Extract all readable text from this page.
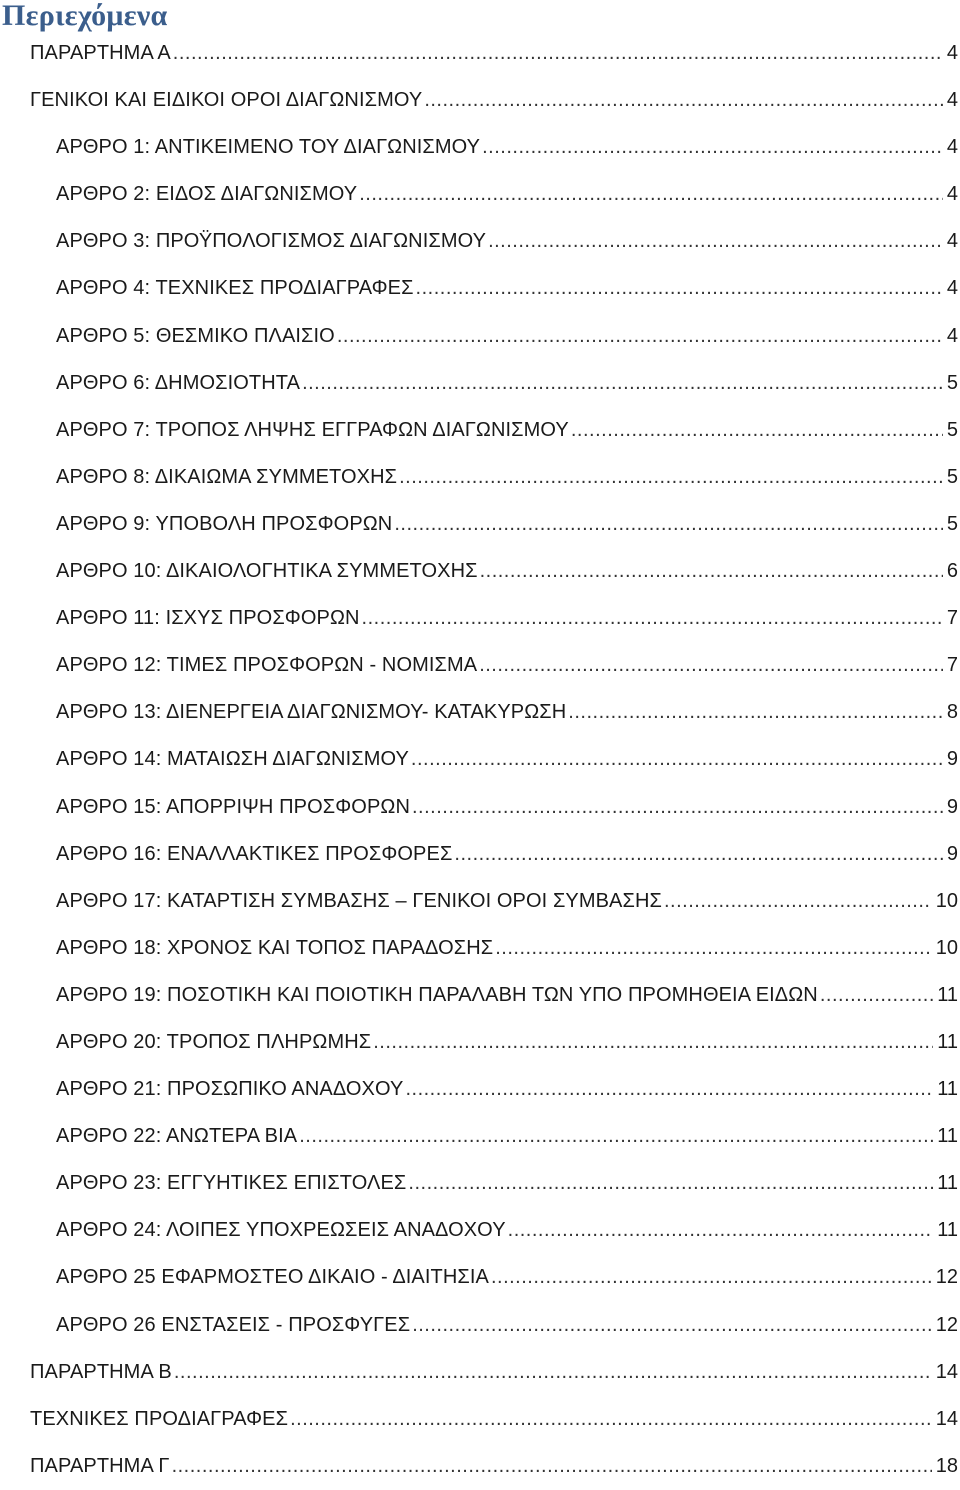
Περιεχόμενα
ΠΑΡΑΡΤΗΜΑ Α .....	4
ΓΕΝΙΚΟΙ ΚΑΙ ΕΙΔΙΚΟΙ ΟΡΟΙ ΔΙΑΓΩΝΙΣΜΟΥ .....	4
ΑΡΘΡΟ 1: ΑΝΤΙΚΕΙΜΕΝΟ ΤΟΥ ΔΙΑΓΩΝΙΣΜΟΥ .....	4
ΑΡΘΡΟ 2: ΕΙΔΟΣ ΔΙΑΓΩΝΙΣΜΟΥ .....	4
ΑΡΘΡΟ 3: ΠΡΟΫΠΟΛΟΓΙΣΜΟΣ ΔΙΑΓΩΝΙΣΜΟΥ .....	4
ΑΡΘΡΟ 4: ΤΕΧΝΙΚΕΣ ΠΡΟΔΙΑΓΡΑΦΕΣ .....	4
ΑΡΘΡΟ 5: ΘΕΣΜΙΚΟ ΠΛΑΙΣΙΟ .....	4
ΑΡΘΡΟ 6: ΔΗΜΟΣΙΟΤΗΤΑ .....	5
ΑΡΘΡΟ 7: ΤΡΟΠΟΣ ΛΗΨΗΣ ΕΓΓΡΑΦΩΝ ΔΙΑΓΩΝΙΣΜΟΥ .....	5
ΑΡΘΡΟ 8: ΔΙΚΑΙΩΜΑ ΣΥΜΜΕΤΟΧΗΣ .....	5
ΑΡΘΡΟ 9: ΥΠΟΒΟΛΗ ΠΡΟΣΦΟΡΩΝ .....	5
ΑΡΘΡΟ 10: ΔΙΚΑΙΟΛΟΓΗΤΙΚΑ ΣΥΜΜΕΤΟΧΗΣ .....	6
ΑΡΘΡΟ 11: ΙΣΧΥΣ ΠΡΟΣΦΟΡΩΝ .....	7
ΑΡΘΡΟ 12: ΤΙΜΕΣ ΠΡΟΣΦΟΡΩΝ - ΝΟΜΙΣΜΑ .....	7
ΑΡΘΡΟ 13: ΔΙΕΝΕΡΓΕΙΑ ΔΙΑΓΩΝΙΣΜΟΥ- ΚΑΤΑΚΥΡΩΣΗ .....	8
ΑΡΘΡΟ 14: ΜΑΤΑΙΩΣΗ ΔΙΑΓΩΝΙΣΜΟΥ .....	9
ΑΡΘΡΟ 15: ΑΠΟΡΡΙΨΗ ΠΡΟΣΦΟΡΩΝ .....	9
ΑΡΘΡΟ 16: ΕΝΑΛΛΑΚΤΙΚΕΣ ΠΡΟΣΦΟΡΕΣ .....	9
ΑΡΘΡΟ 17: ΚΑΤΑΡΤΙΣΗ ΣΥΜΒΑΣΗΣ – ΓΕΝΙΚΟΙ ΟΡΟΙ ΣΥΜΒΑΣΗΣ .....	10
ΑΡΘΡΟ 18: ΧΡΟΝΟΣ ΚΑΙ ΤΟΠΟΣ ΠΑΡΑΔΟΣΗΣ .....	10
ΑΡΘΡΟ 19: ΠΟΣΟΤΙΚΗ ΚΑΙ ΠΟΙΟΤΙΚΗ ΠΑΡΑΛΑΒΗ ΤΩΝ ΥΠΟ ΠΡΟΜΗΘΕΙΑ ΕΙΔΩΝ .....	11
ΑΡΘΡΟ 20: ΤΡΟΠΟΣ ΠΛΗΡΩΜΗΣ .....	11
ΑΡΘΡΟ 21: ΠΡΟΣΩΠΙΚΟ ΑΝΑΔΟΧΟΥ .....	11
ΑΡΘΡΟ 22: ΑΝΩΤΕΡΑ ΒΙΑ .....	11
ΑΡΘΡΟ 23: ΕΓΓΥΗΤΙΚΕΣ ΕΠΙΣΤΟΛΕΣ .....	11
ΑΡΘΡΟ 24: ΛΟΙΠΕΣ ΥΠΟΧΡΕΩΣΕΙΣ ΑΝΑΔΟΧΟΥ .....	11
ΑΡΘΡΟ 25 ΕΦΑΡΜΟΣΤΕΟ ΔΙΚΑΙΟ - ΔΙΑΙΤΗΣΙΑ .....	12
ΑΡΘΡΟ 26 ΕΝΣΤΑΣΕΙΣ - ΠΡΟΣΦΥΓΕΣ .....	12
ΠΑΡΑΡΤΗΜΑ Β .....	14
ΤΕΧΝΙΚΕΣ ΠΡΟΔΙΑΓΡΑΦΕΣ .....	14
ΠΑΡΑΡΤΗΜΑ Γ .....	18
